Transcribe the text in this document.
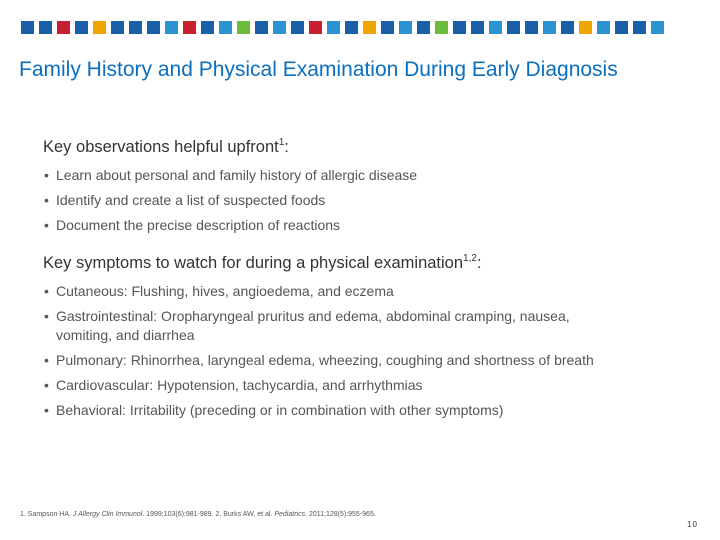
Family History and Physical Examination During Early Diagnosis
Key observations helpful upfront$^1$:
• Learn about personal and family history of allergic disease
• Identify and create a list of suspected foods
• Document the precise description of reactions
Key symptoms to watch for during a physical examination$^{1,2}$:
• Cutaneous: Flushing, hives, angioedema, and eczema
• Gastrointestinal: Oropharyngeal pruritus and edema, abdominal cramping, nausea, vomiting, and diarrhea
• Pulmonary: Rhinorrhea, laryngeal edema, wheezing, coughing and shortness of breath
• Cardiovascular: Hypotension, tachycardia, and arrhythmias
• Behavioral: Irritability (preceding or in combination with other symptoms)
1. Sampson HA. J Allergy Clin Immunol. 1999;103(6):981-989. 2. Burks AW, et al. Pediatrics. 2011;128(5):955-965.
10
